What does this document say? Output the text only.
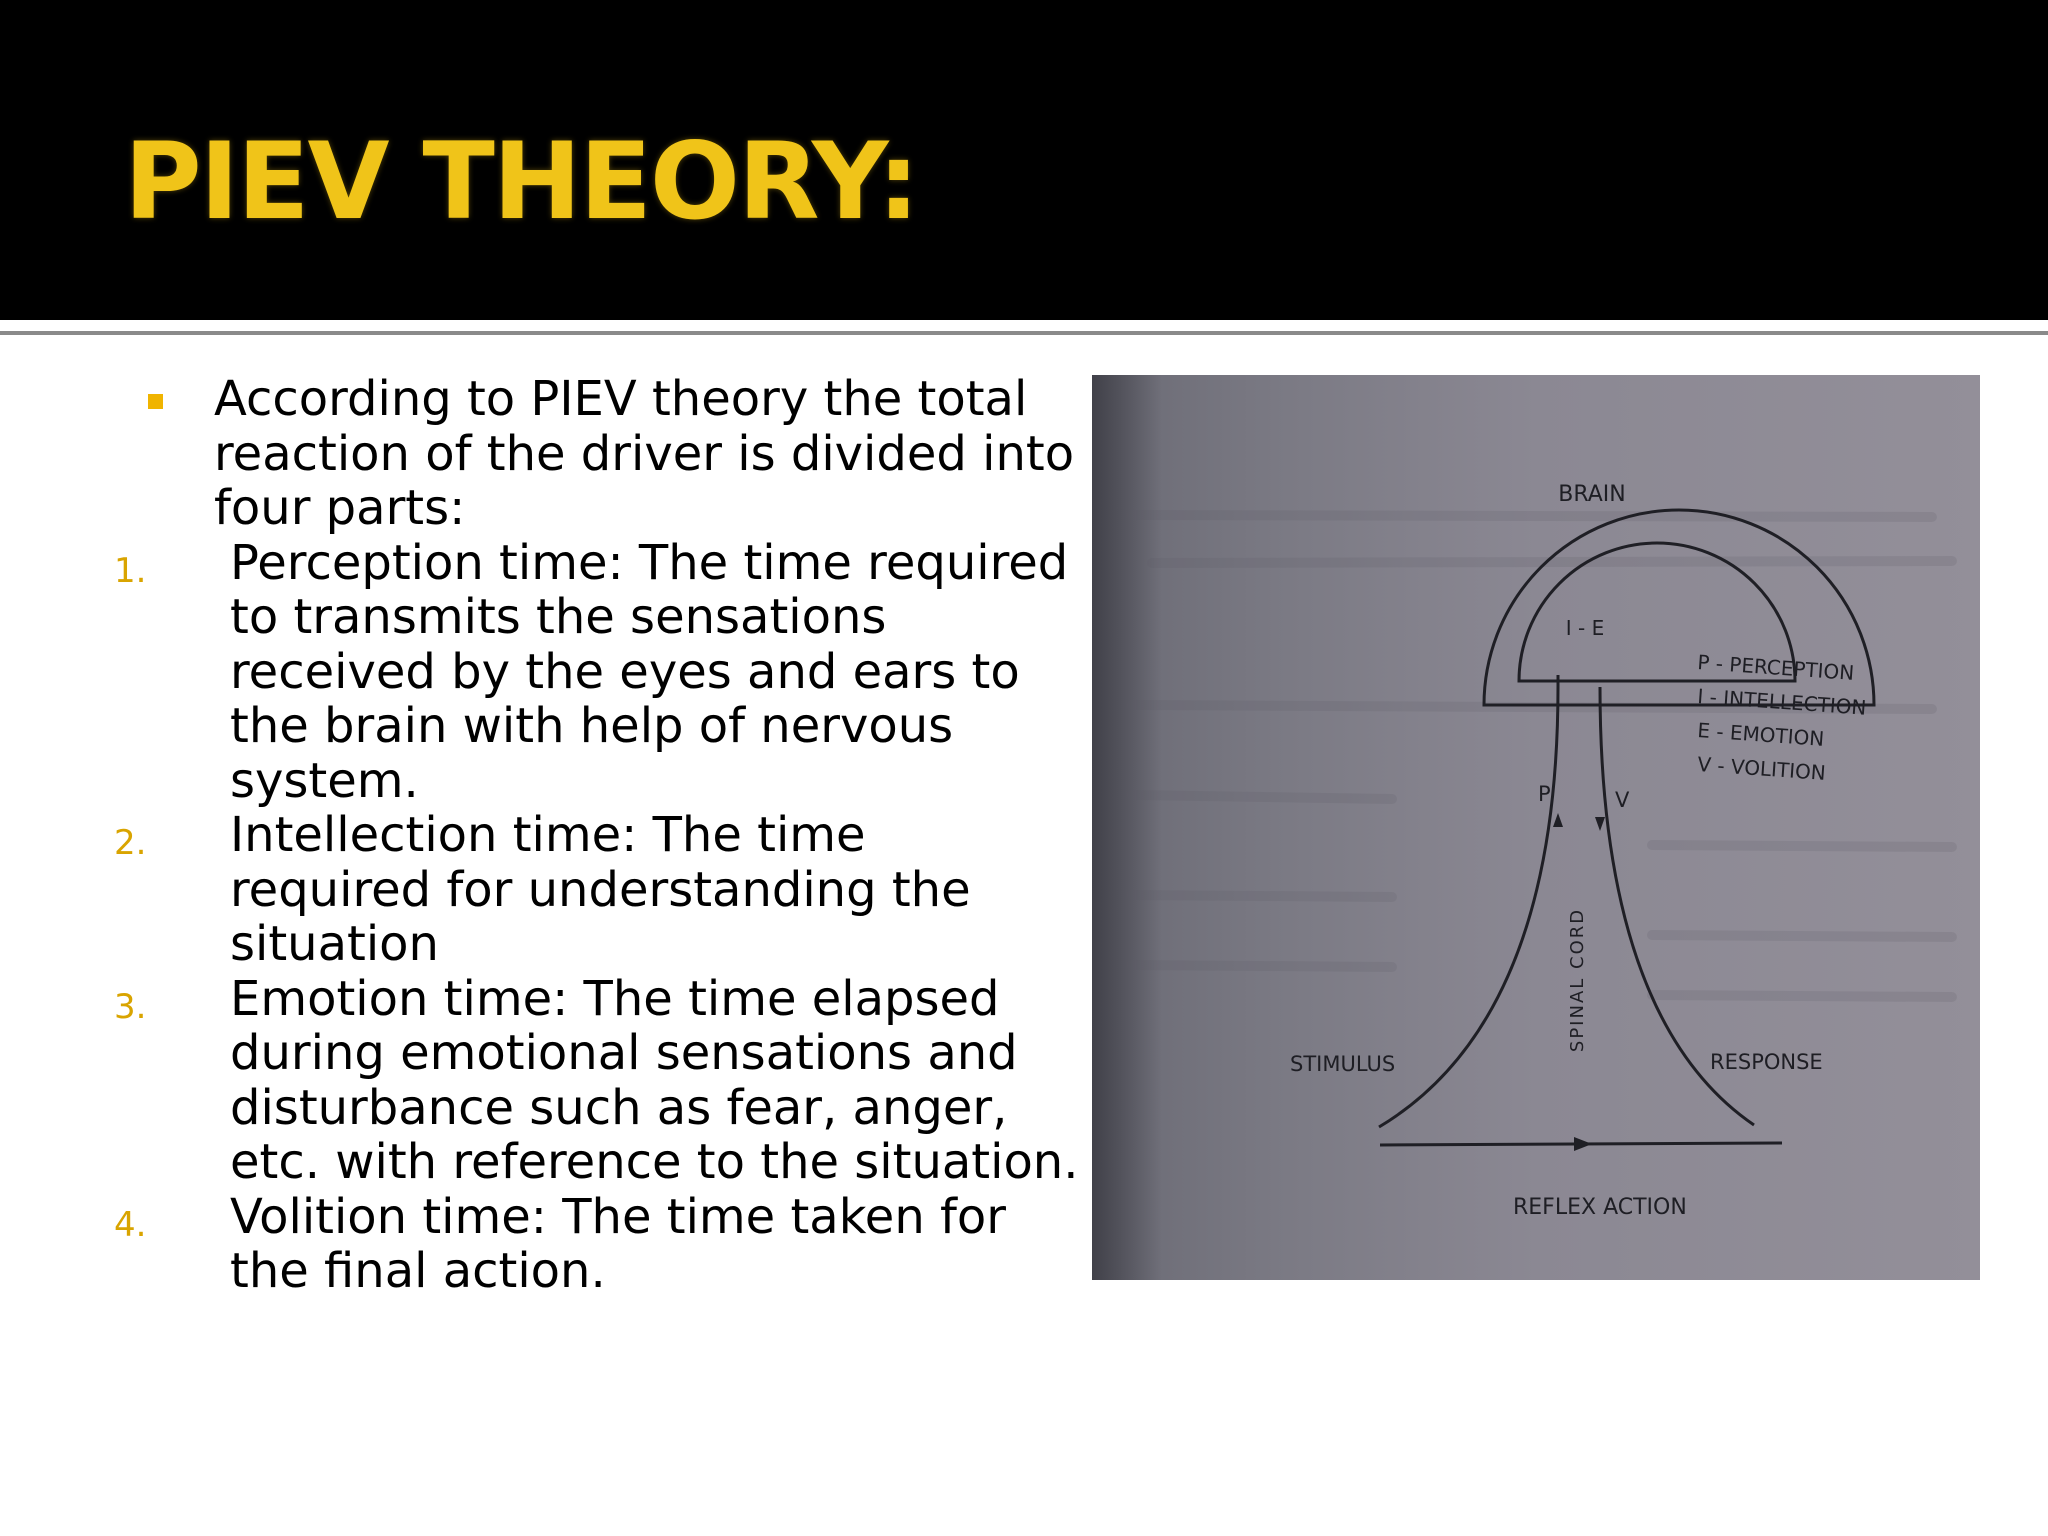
PIEV THEORY:
According to PIEV theory the total reaction of the driver is divided into four parts:
1. Perception time: The time required to transmits the sensations received by the eyes and ears to the brain with help of nervous system.
2. Intellection time: The time required for understanding the situation
3. Emotion time: The time elapsed during emotional sensations and disturbance such as fear, anger, etc. with reference to the situation.
4. Volition time: The time taken for the final action.
BRAIN
I - E
P - PERCEPTION
I - INTELLECTION
E - EMOTION
V - VOLITION
P	V
SPINAL CORD
STIMULUS	RESPONSE
REFLEX ACTION
